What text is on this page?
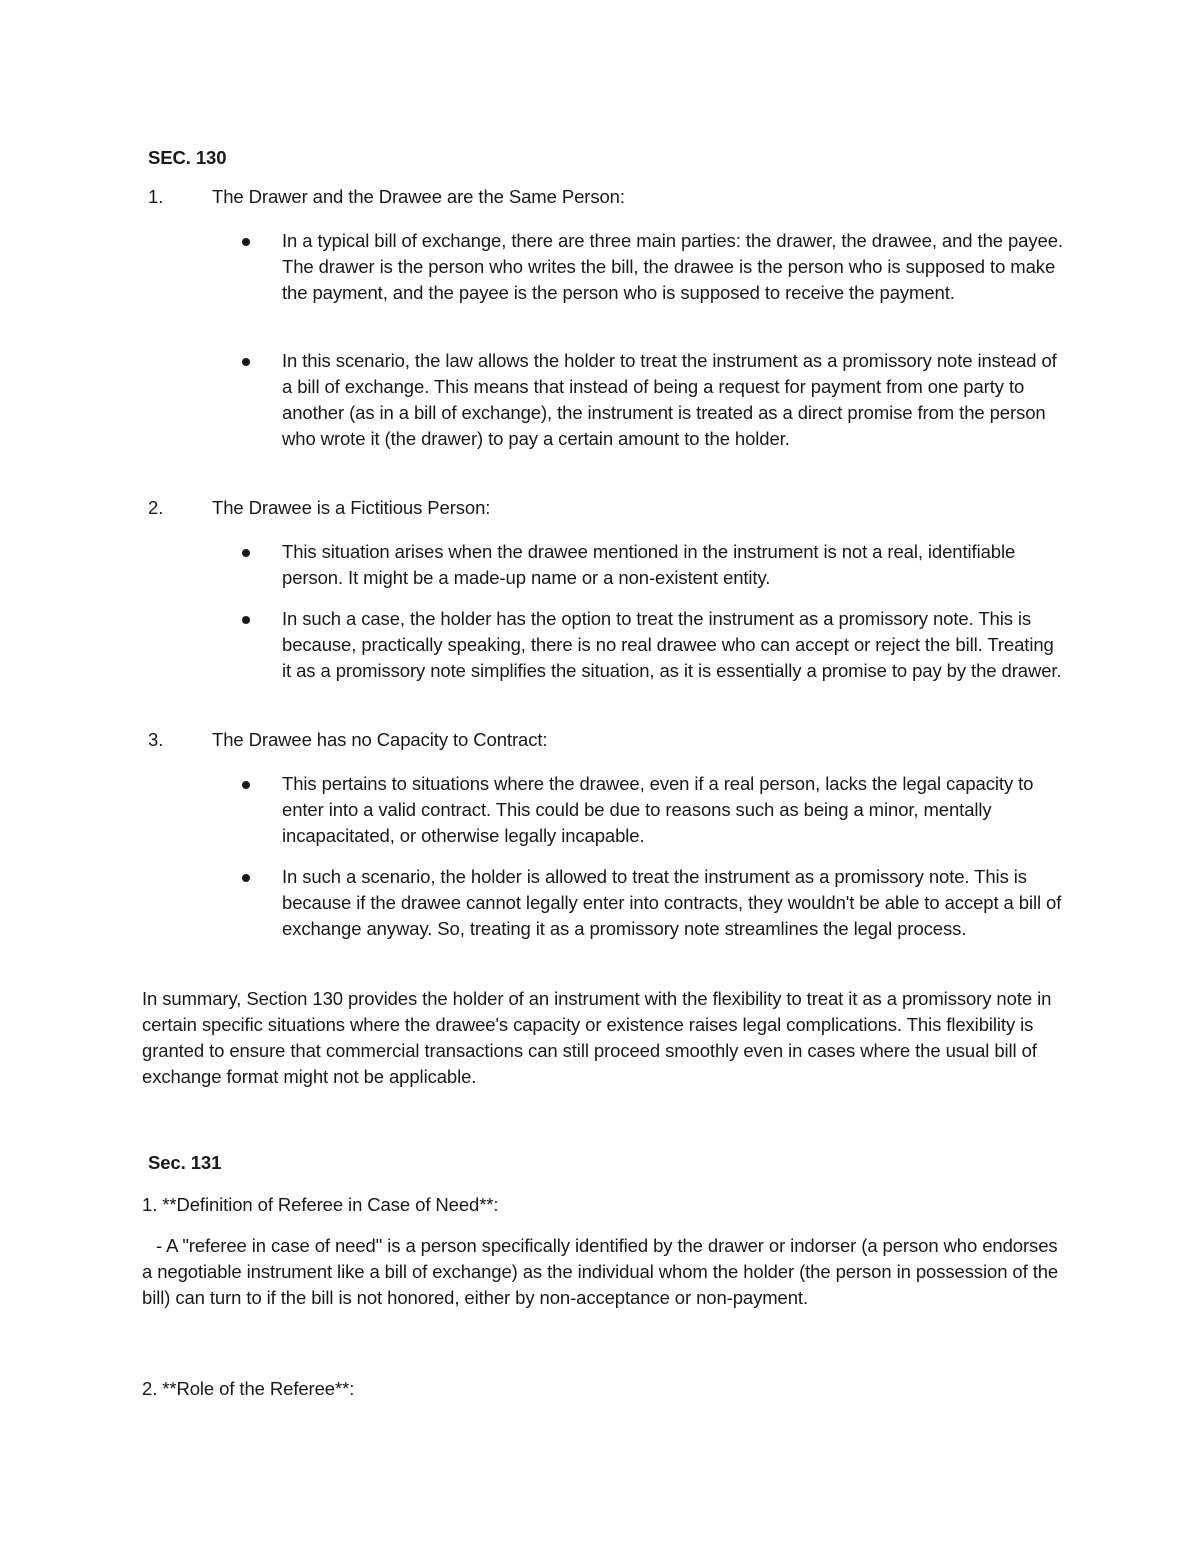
SEC. 130
1.	The Drawer and the Drawee are the Same Person:
In a typical bill of exchange, there are three main parties: the drawer, the drawee, and the payee. The drawer is the person who writes the bill, the drawee is the person who is supposed to make the payment, and the payee is the person who is supposed to receive the payment.
In this scenario, the law allows the holder to treat the instrument as a promissory note instead of a bill of exchange. This means that instead of being a request for payment from one party to another (as in a bill of exchange), the instrument is treated as a direct promise from the person who wrote it (the drawer) to pay a certain amount to the holder.
2.	The Drawee is a Fictitious Person:
This situation arises when the drawee mentioned in the instrument is not a real, identifiable person. It might be a made-up name or a non-existent entity.
In such a case, the holder has the option to treat the instrument as a promissory note. This is because, practically speaking, there is no real drawee who can accept or reject the bill. Treating it as a promissory note simplifies the situation, as it is essentially a promise to pay by the drawer.
3.	The Drawee has no Capacity to Contract:
This pertains to situations where the drawee, even if a real person, lacks the legal capacity to enter into a valid contract. This could be due to reasons such as being a minor, mentally incapacitated, or otherwise legally incapable.
In such a scenario, the holder is allowed to treat the instrument as a promissory note. This is because if the drawee cannot legally enter into contracts, they wouldn't be able to accept a bill of exchange anyway. So, treating it as a promissory note streamlines the legal process.
In summary, Section 130 provides the holder of an instrument with the flexibility to treat it as a promissory note in certain specific situations where the drawee's capacity or existence raises legal complications. This flexibility is granted to ensure that commercial transactions can still proceed smoothly even in cases where the usual bill of exchange format might not be applicable.
Sec. 131
1. **Definition of Referee in Case of Need**:
- A "referee in case of need" is a person specifically identified by the drawer or indorser (a person who endorses a negotiable instrument like a bill of exchange) as the individual whom the holder (the person in possession of the bill) can turn to if the bill is not honored, either by non-acceptance or non-payment.
2. **Role of the Referee**:
